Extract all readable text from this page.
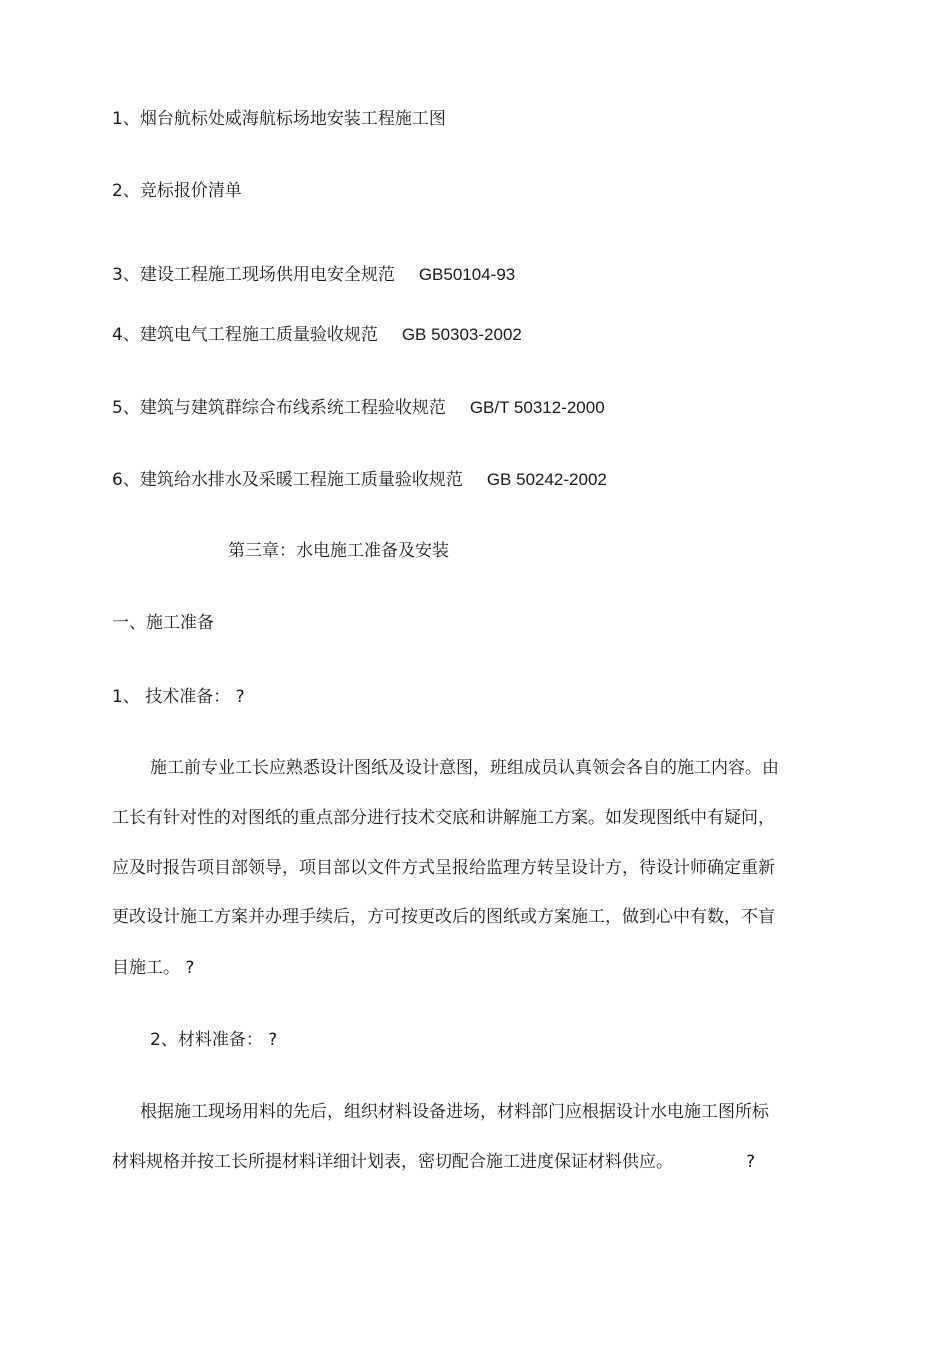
1、烟台航标处威海航标场地安装工程施工图
2、竞标报价清单
3、建设工程施工现场供用电安全规范 GB50104-93
4、建筑电气工程施工质量验收规范 GB 50303-2002
5、建筑与建筑群综合布线系统工程验收规范 GB/T 50312-2000
6、建筑给水排水及采暖工程施工质量验收规范 GB 50242-2002
第三章：水电施工准备及安装
一、施工准备
1、 技术准备： ?
施工前专业工长应熟悉设计图纸及设计意图，班组成员认真领会各自的施工内容。由
工长有针对性的对图纸的重点部分进行技术交底和讲解施工方案。如发现图纸中有疑问，
应及时报告项目部领导，项目部以文件方式呈报给监理方转呈设计方，待设计师确定重新
更改设计施工方案并办理手续后，方可按更改后的图纸或方案施工，做到心中有数，不盲
目施工。 ?
2、材料准备： ?
根据施工现场用料的先后，组织材料设备进场，材料部门应根据设计水电施工图所标
材料规格并按工长所提材料详细计划表，密切配合施工进度保证材料供应。	?
